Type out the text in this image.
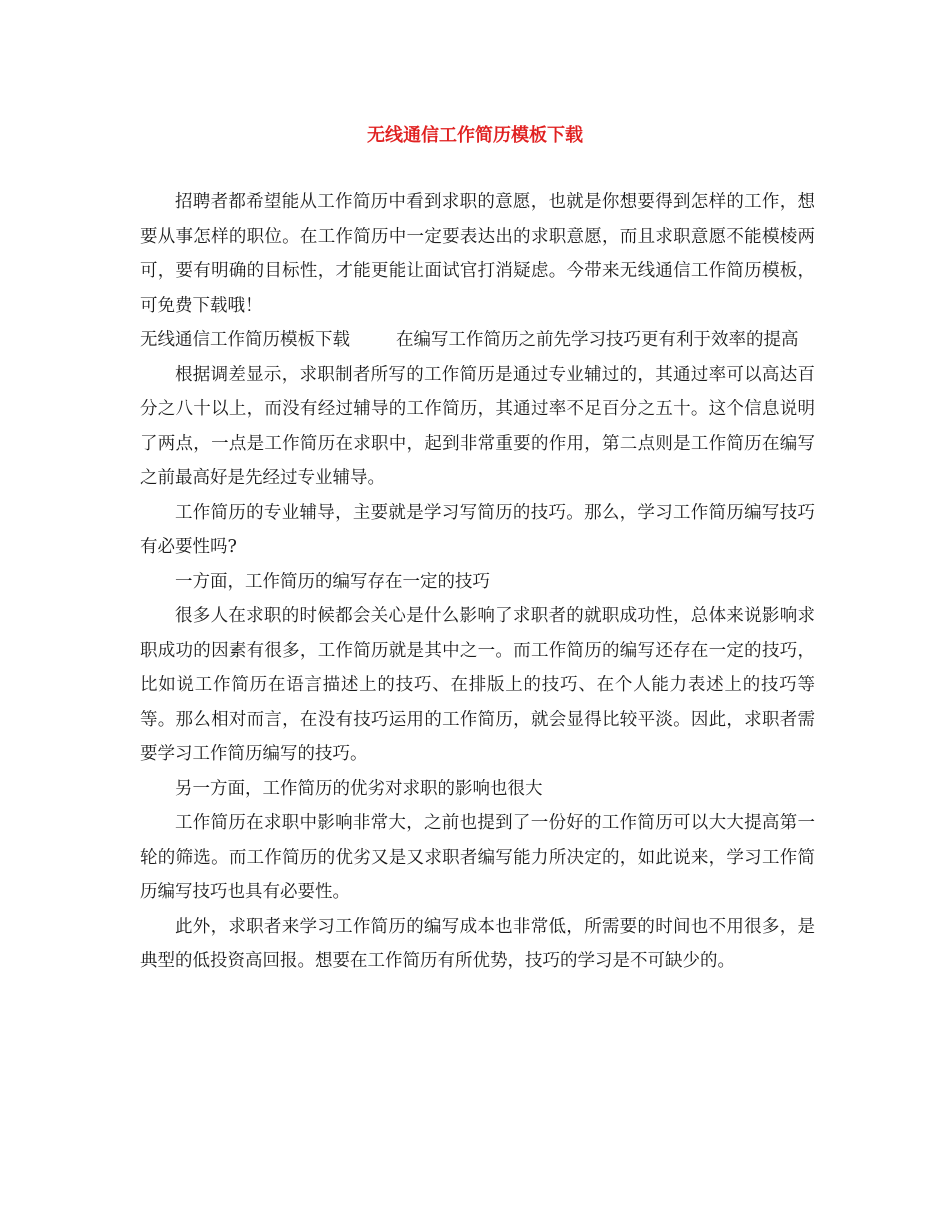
无线通信工作简历模板下载

招聘者都希望能从工作简历中看到求职的意愿，也就是你想要得到怎样的工作，想要从事怎样的职位。在工作简历中一定要表达出的求职意愿，而且求职意愿不能模棱两可，要有明确的目标性，才能更能让面试官打消疑虑。今带来无线通信工作简历模板，可免费下载哦！

无线通信工作简历模板下载	在编写工作简历之前先学习技巧更有利于效率的提高

根据调差显示，求职制者所写的工作简历是通过专业辅过的，其通过率可以高达百分之八十以上，而没有经过辅导的工作简历，其通过率不足百分之五十。这个信息说明了两点，一点是工作简历在求职中，起到非常重要的作用，第二点则是工作简历在编写之前最高好是先经过专业辅导。

工作简历的专业辅导，主要就是学习写简历的技巧。那么，学习工作简历编写技巧有必要性吗?

一方面，工作简历的编写存在一定的技巧

很多人在求职的时候都会关心是什么影响了求职者的就职成功性，总体来说影响求职成功的因素有很多，工作简历就是其中之一。而工作简历的编写还存在一定的技巧，比如说工作简历在语言描述上的技巧、在排版上的技巧、在个人能力表述上的技巧等等。那么相对而言，在没有技巧运用的工作简历，就会显得比较平淡。因此，求职者需要学习工作简历编写的技巧。

另一方面，工作简历的优劣对求职的影响也很大

工作简历在求职中影响非常大，之前也提到了一份好的工作简历可以大大提高第一轮的筛选。而工作简历的优劣又是又求职者编写能力所决定的，如此说来，学习工作简历编写技巧也具有必要性。

此外，求职者来学习工作简历的编写成本也非常低，所需要的时间也不用很多，是典型的低投资高回报。想要在工作简历有所优势，技巧的学习是不可缺少的。
